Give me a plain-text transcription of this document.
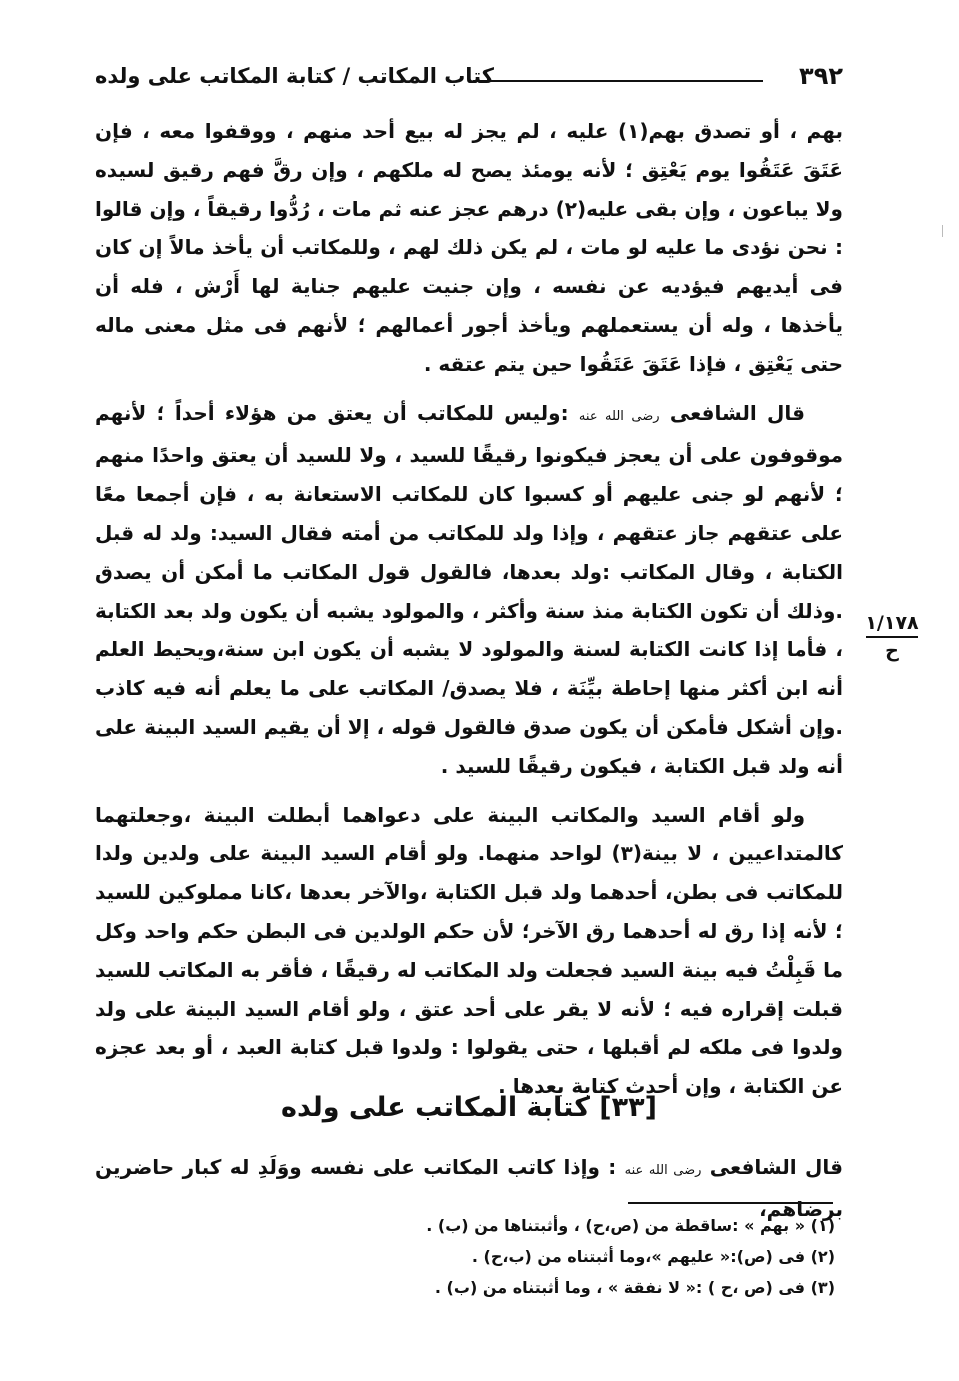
٣٩٢
كتاب المكاتب / كتابة المكاتب على ولده

بهم ، أو تصدق بهم(١) عليه ، لم يجز له بيع أحد منهم ، ووقفوا معه ، فإن عَتَقَ عَتَقُوا يوم يَعْتِق ؛ لأنه يومئذ يصح له ملكهم ، وإن رقَّ فهم رقيق لسيده ولا يباعون ، وإن بقى عليه(٢) درهم عجز عنه ثم مات ، رُدُّوا رقيقاً ، وإن قالوا : نحن نؤدى ما عليه لو مات ، لم يكن ذلك لهم ، وللمكاتب أن يأخذ مالاً إن كان فى أيديهم فيؤديه عن نفسه ، وإن جنيت عليهم جناية لها أَرْش ، فله أن يأخذها ، وله أن يستعملهم ويأخذ أجور أعمالهم ؛ لأنهم فى مثل معنى ماله حتى يَعْتِق ، فإذا عَتَقَ عَتَقُوا حين يتم عتقه .

قال الشافعى رضى الله عنه :وليس للمكاتب أن يعتق من هؤلاء أحداً ؛ لأنهم موقوفون على أن يعجز فيكونوا رقيقًا للسيد ، ولا للسيد أن يعتق واحدًا منهم ؛ لأنهم لو جنى عليهم أو كسبوا كان للمكاتب الاستعانة به ، فإن أجمعا معًا على عتقهم جاز عتقهم ، وإذا ولد للمكاتب من أمته فقال السيد: ولد له قبل الكتابة ، وقال المكاتب :ولد بعدها، فالقول قول المكاتب ما أمكن أن يصدق .وذلك أن تكون الكتابة منذ سنة وأكثر ، والمولود يشبه أن يكون ولد بعد الكتابة ، فأما إذا كانت الكتابة لسنة والمولود لا يشبه أن يكون ابن سنة،ويحيط العلم أنه ابن أكثر منها إحاطة بيِّنَة ، فلا يصدق/ المكاتب على ما يعلم أنه فيه كاذب .وإن أشكل فأمكن أن يكون صدق فالقول قوله ، إلا أن يقيم السيد البينة على أنه ولد قبل الكتابة ، فيكون رقيقًا للسيد .

ولو أقام السيد والمكاتب البينة على دعواهما أبطلت البينة ،وجعلتهما كالمتداعيين ، لا بينة(٣) لواحد منهما. ولو أقام السيد البينة على ولدين ولدا للمكاتب فى بطن، أحدهما ولد قبل الكتابة ،والآخر بعدها ،كانا مملوكين للسيد ؛ لأنه إذا رق له أحدهما رق الآخر؛ لأن حكم الولدين فى البطن حكم واحد وكل ما قَبِلْتُ فيه بينة السيد فجعلت ولد المكاتب له رقيقًا ، فأقر به المكاتب للسيد قبلت إقراره فيه ؛ لأنه لا يقر على أحد عتق ، ولو أقام السيد البينة على ولد ولدوا فى ملكه لم أقبلها ، حتى يقولوا : ولدوا قبل كتابة العبد ، أو بعد عجزه عن الكتابة ، وإن أحدث كتابة بعدها .

١/١٧٨
ح
[٣٣] كتابة المكاتب على ولده
قال الشافعى رضى الله عنه : وإذا كاتب المكاتب على نفسه ووَلَدِ له كبار حاضرين برضاهم،
(١) « بهم » :ساقطة من (ص،ح) ، وأثبتناها من (ب) .
(٢) فى (ص):« عليهم »،وما أثبتناه من (ب،ح) .
(٣) فى (ص ،ح ) :« لا نفقة » ، وما أثبتناه من (ب) .
